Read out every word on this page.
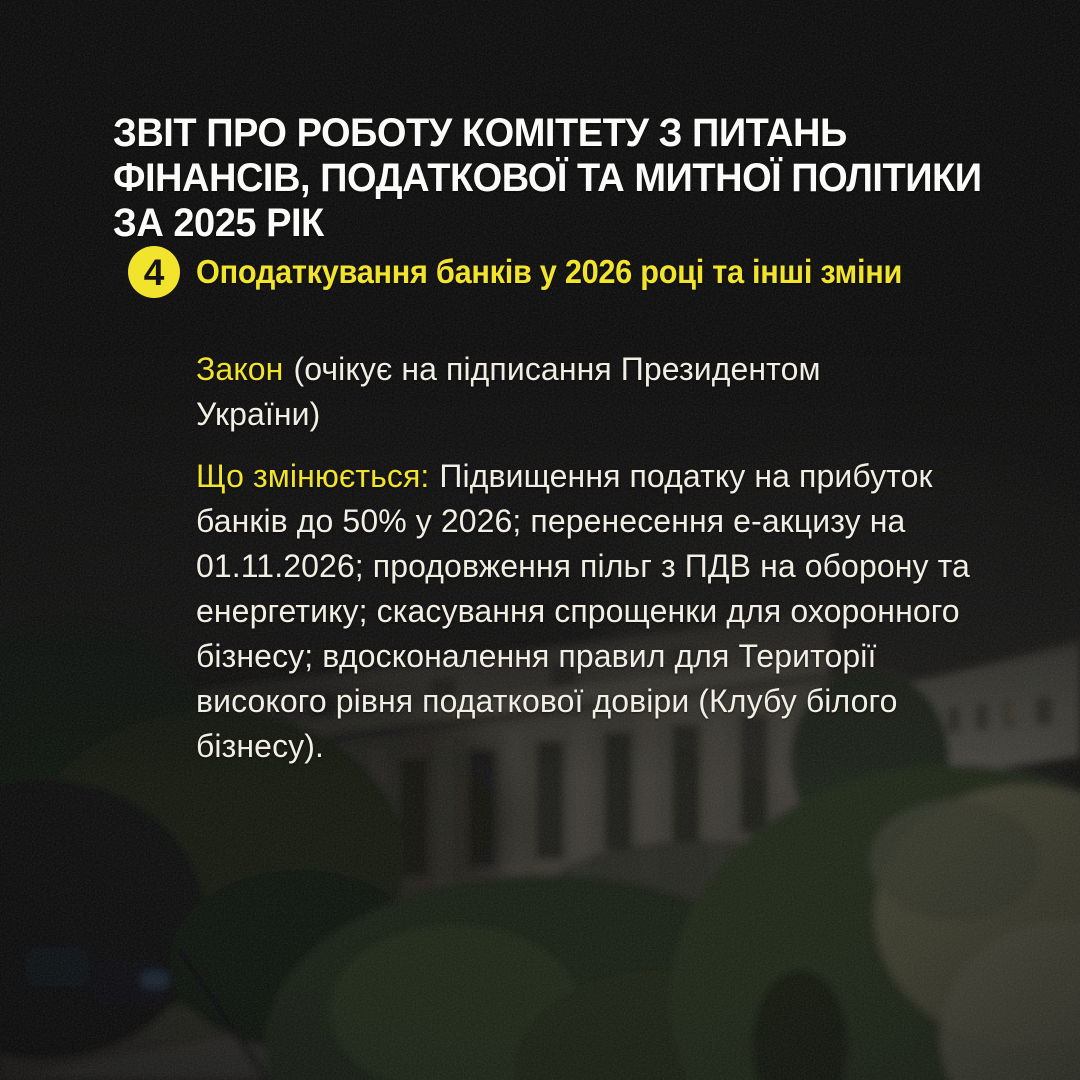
ЗВІТ ПРО РОБОТУ КОМІТЕТУ З ПИТАНЬ
ФІНАНСІВ, ПОДАТКОВОЇ ТА МИТНОЇ ПОЛІТИКИ
ЗА 2025 РІК
4 Оподаткування банків у 2026 році та інші зміни

Закон (очікує на підписання Президентом України)

Що змінюється: Підвищення податку на прибуток банків до 50% у 2026; перенесення е-акцизу на 01.11.2026; продовження пільг з ПДВ на оборону та енергетику; скасування спрощенки для охоронного бізнесу; вдосконалення правил для Території високого рівня податкової довіри (Клубу білого бізнесу).
